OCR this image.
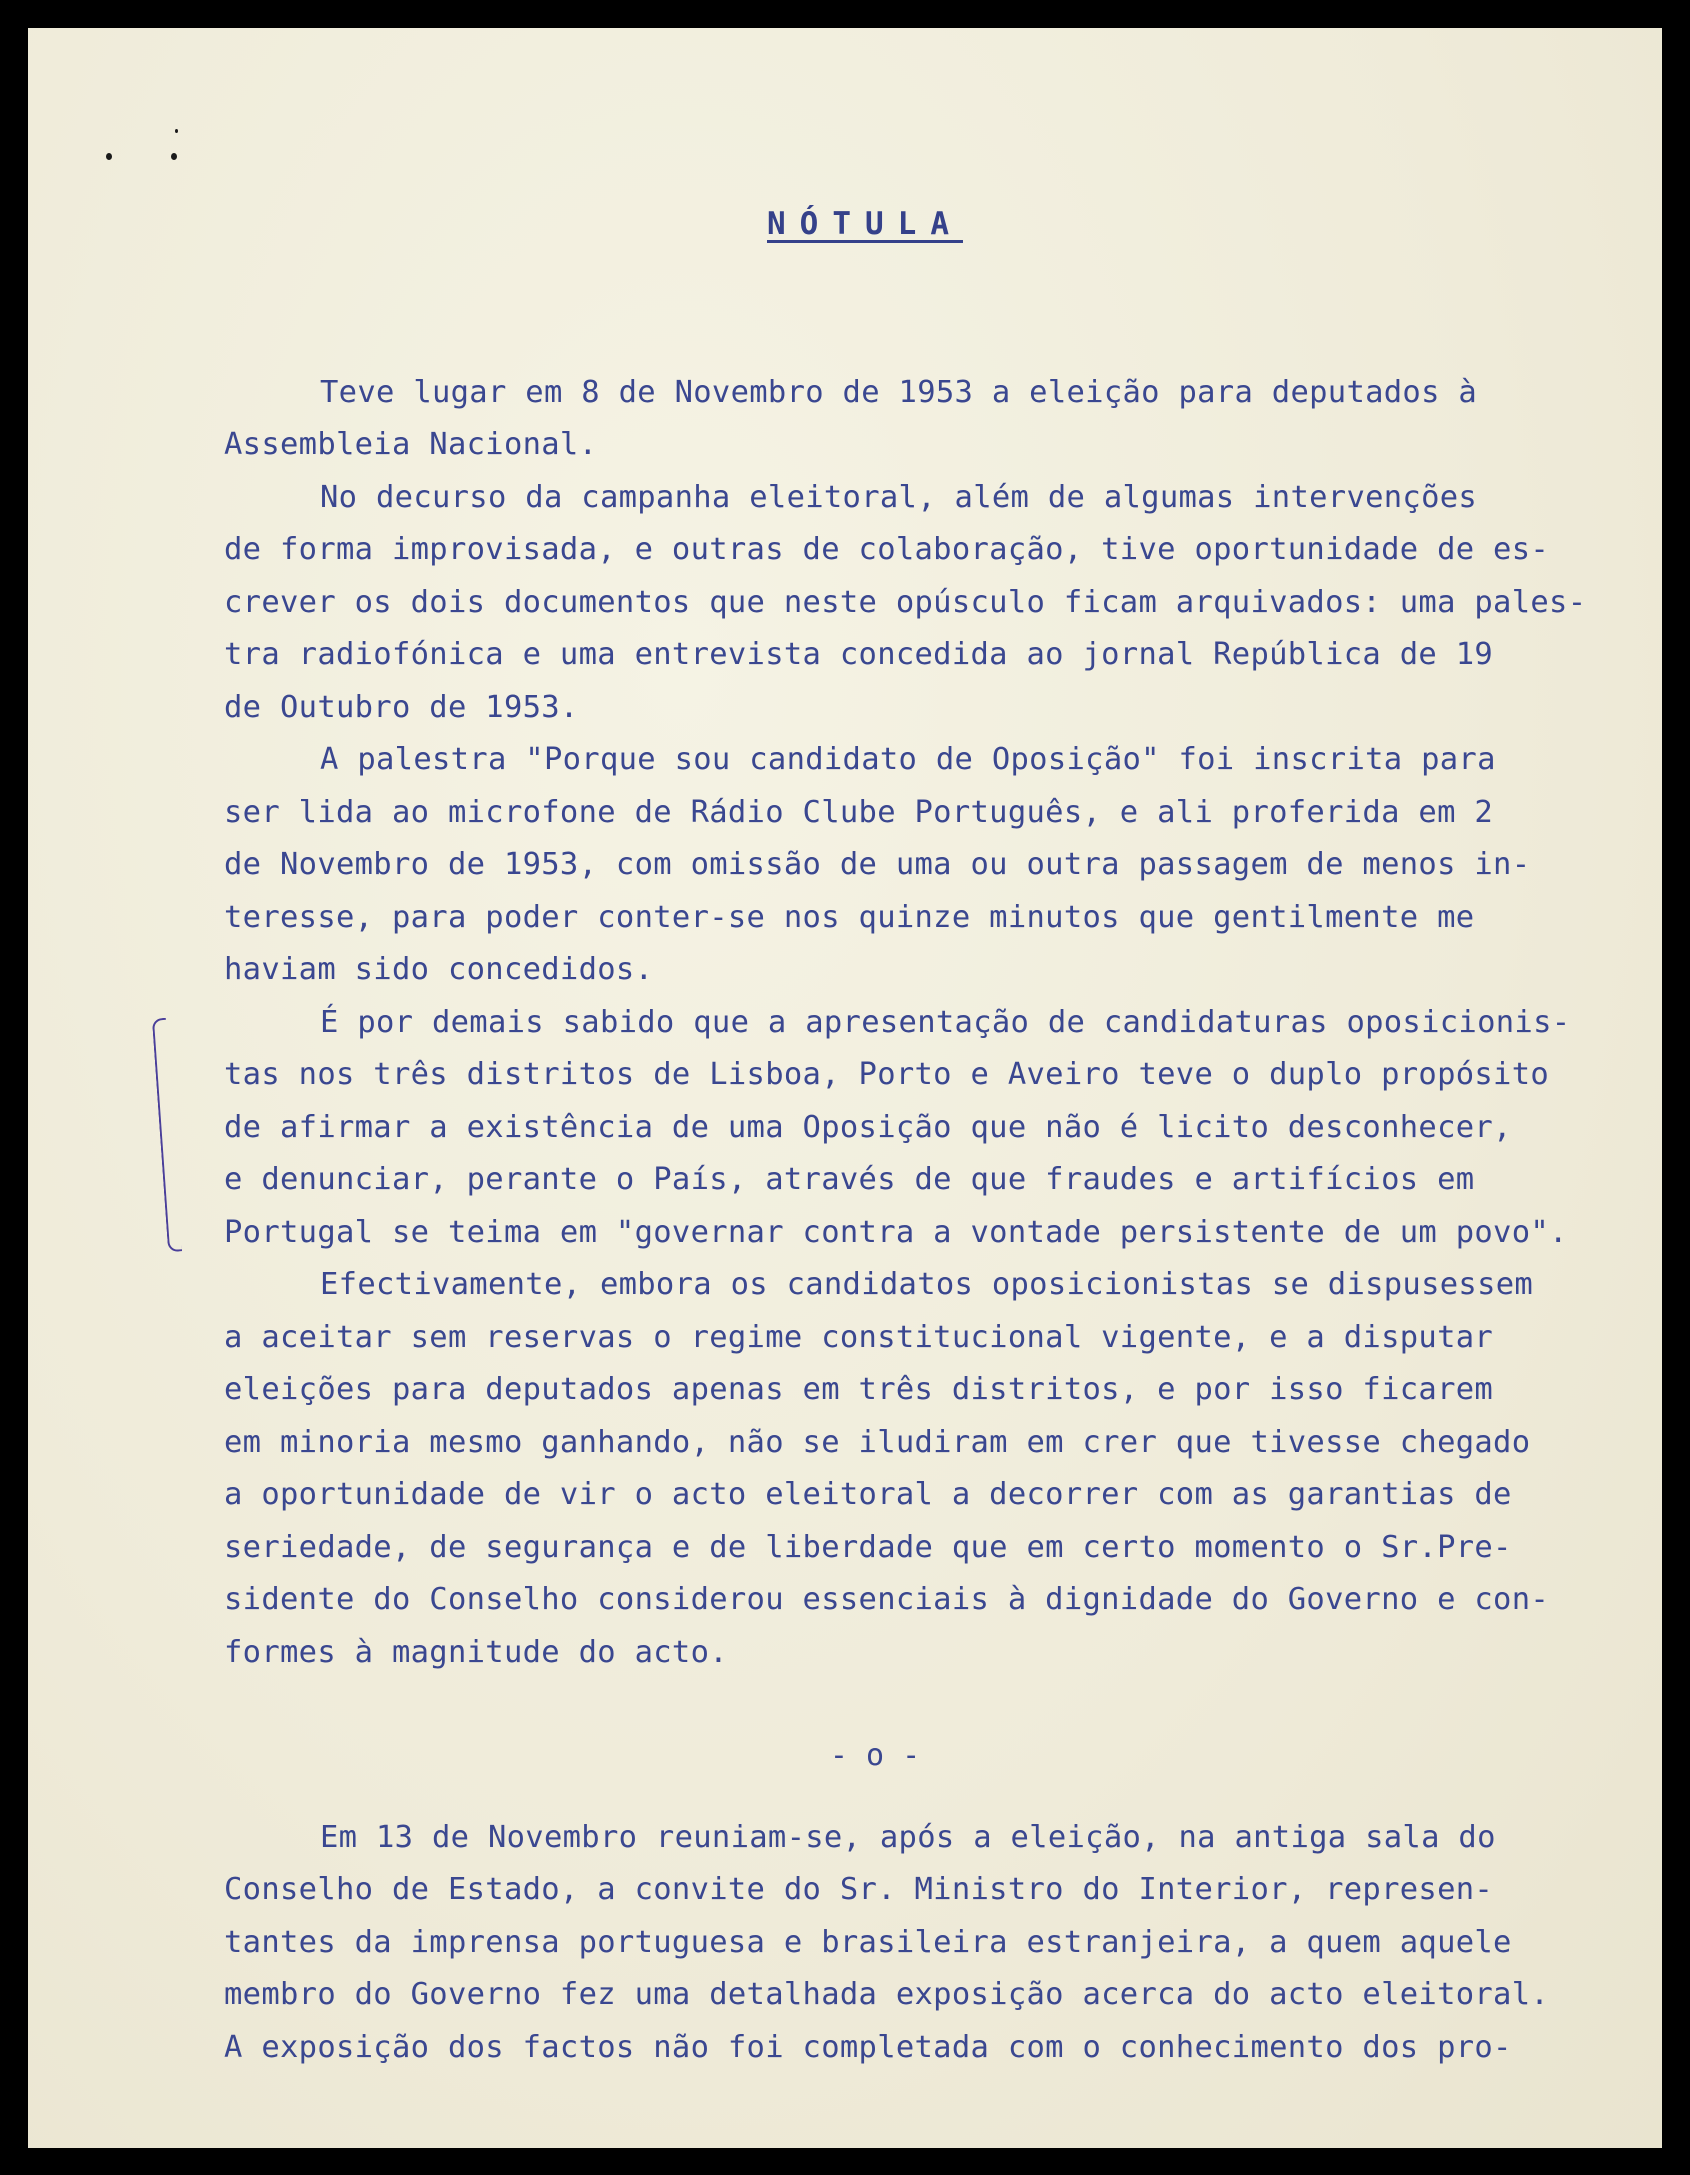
NÓTULA
Teve lugar em 8 de Novembro de 1953 a eleição para deputados à
Assembleia Nacional.
No decurso da campanha eleitoral, além de algumas intervenções
de forma improvisada, e outras de colaboração, tive oportunidade de es-
crever os dois documentos que neste opúsculo ficam arquivados: uma pales-
tra radiofónica e uma entrevista concedida ao jornal República de 19
de Outubro de 1953.
A palestra "Porque sou candidato de Oposição" foi inscrita para
ser lida ao microfone de Rádio Clube Português, e ali proferida em 2
de Novembro de 1953, com omissão de uma ou outra passagem de menos in-
teresse, para poder conter-se nos quinze minutos que gentilmente me
haviam sido concedidos.
É por demais sabido que a apresentação de candidaturas oposicionis-
tas nos três distritos de Lisboa, Porto e Aveiro teve o duplo propósito
de afirmar a existência de uma Oposição que não é licito desconhecer,
e denunciar, perante o País, através de que fraudes e artifícios em
Portugal se teima em "governar contra a vontade persistente de um povo".
Efectivamente, embora os candidatos oposicionistas se dispusessem
a aceitar sem reservas o regime constitucional vigente, e a disputar
eleições para deputados apenas em três distritos, e por isso ficarem
em minoria mesmo ganhando, não se iludiram em crer que tivesse chegado
a oportunidade de vir o acto eleitoral a decorrer com as garantias de
seriedade, de segurança e de liberdade que em certo momento o Sr.Pre-
sidente do Conselho considerou essenciais à dignidade do Governo e con-
formes à magnitude do acto.
- o -
Em 13 de Novembro reuniam-se, após a eleição, na antiga sala do
Conselho de Estado, a convite do Sr. Ministro do Interior, represen-
tantes da imprensa portuguesa e brasileira estranjeira, a quem aquele
membro do Governo fez uma detalhada exposição acerca do acto eleitoral.
A exposição dos factos não foi completada com o conhecimento dos pro-
